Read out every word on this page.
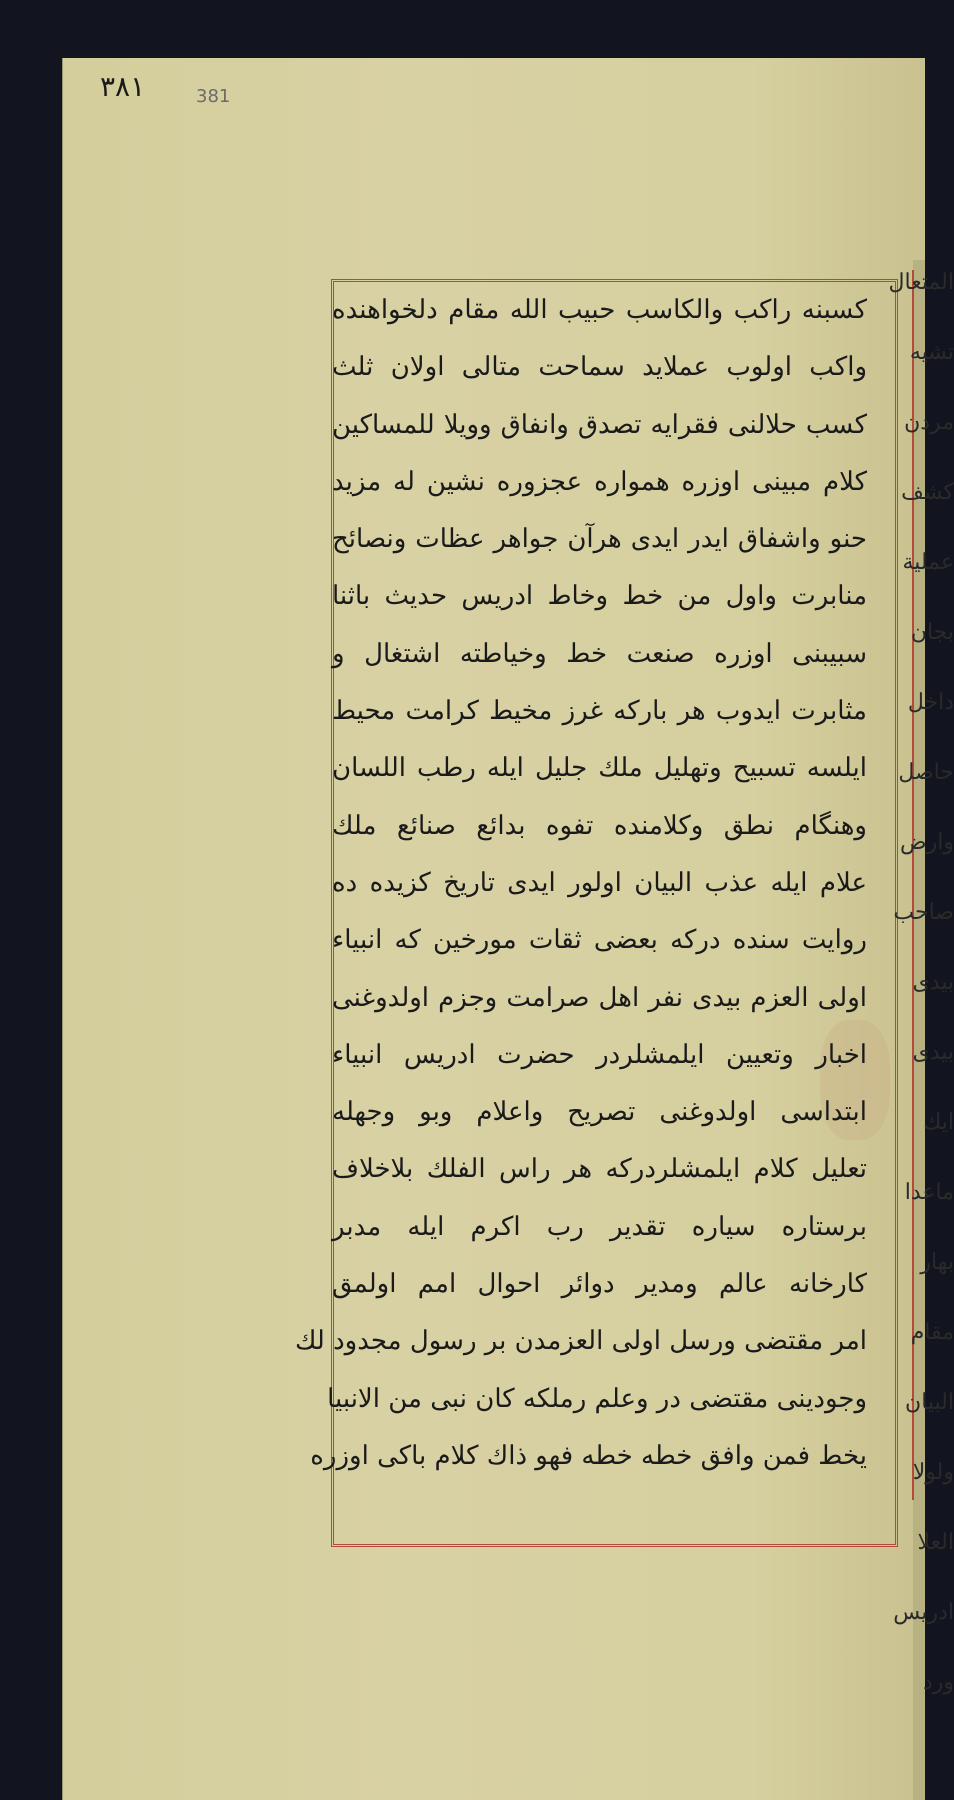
٣٨١	381
كسبنه راكب والكاسب حبيب الله مقام دلخواهنده
واكب اولوب عملايد سماحت متالى اولان ثلث
كسب حلالنى فقرايه تصدق وانفاق وويلا للمساكين
كلام مبينى اوزره همواره عجزوره نشين له مزيد
حنو واشفاق ايدر ايدى هرآن جواهر عظات ونصائح
منابرت واول من خط وخاط ادريس حديث باثنا
سبيبنى اوزره صنعت خط وخياطته اشتغال و
مثابرت ايدوب هر باركه غرز مخيط كرامت محيط
ايلسه تسبيح وتهليل ملك جليل ايله رطب اللسان
وهنگام نطق وكلامنده تفوه بدائع صنائع ملك
علام ايله عذب البيان اولور ايدى تاريخ كزيده ده
روايت سنده دركه بعضى ثقات مورخين كه انبياء
اولى العزم بيدى نفر اهل صرامت وجزم اولدوغنى
اخبار وتعيين ايلمشلردر حضرت ادريس انبياء
ابتداسى اولدوغنى تصريح واعلام وبو وجهله
تعليل كلام ايلمشلردركه هر راس الفلك بلاخلاف
برستاره سياره تقدير رب اكرم ايله مدبر
كارخانه عالم ومدير دوائر احوال امم اولمق
امر مقتضى ورسل اولى العزمدن بر رسول مجدود لك
وجودينى مقتضى در وعلم رملكه كان نبى من الانبيا
يخط فمن وافق خطه خطه فهو ذاك كلام باكى اوزره
المتعال
تشيه
مردن
كشف
عملية
بجان
داخل
حاصل
وارض
صاحب
بيدى
بيدى
ايك
ماعدا
بهار
مقام
البيان
ولولا
العلا
ادريس
ورد
